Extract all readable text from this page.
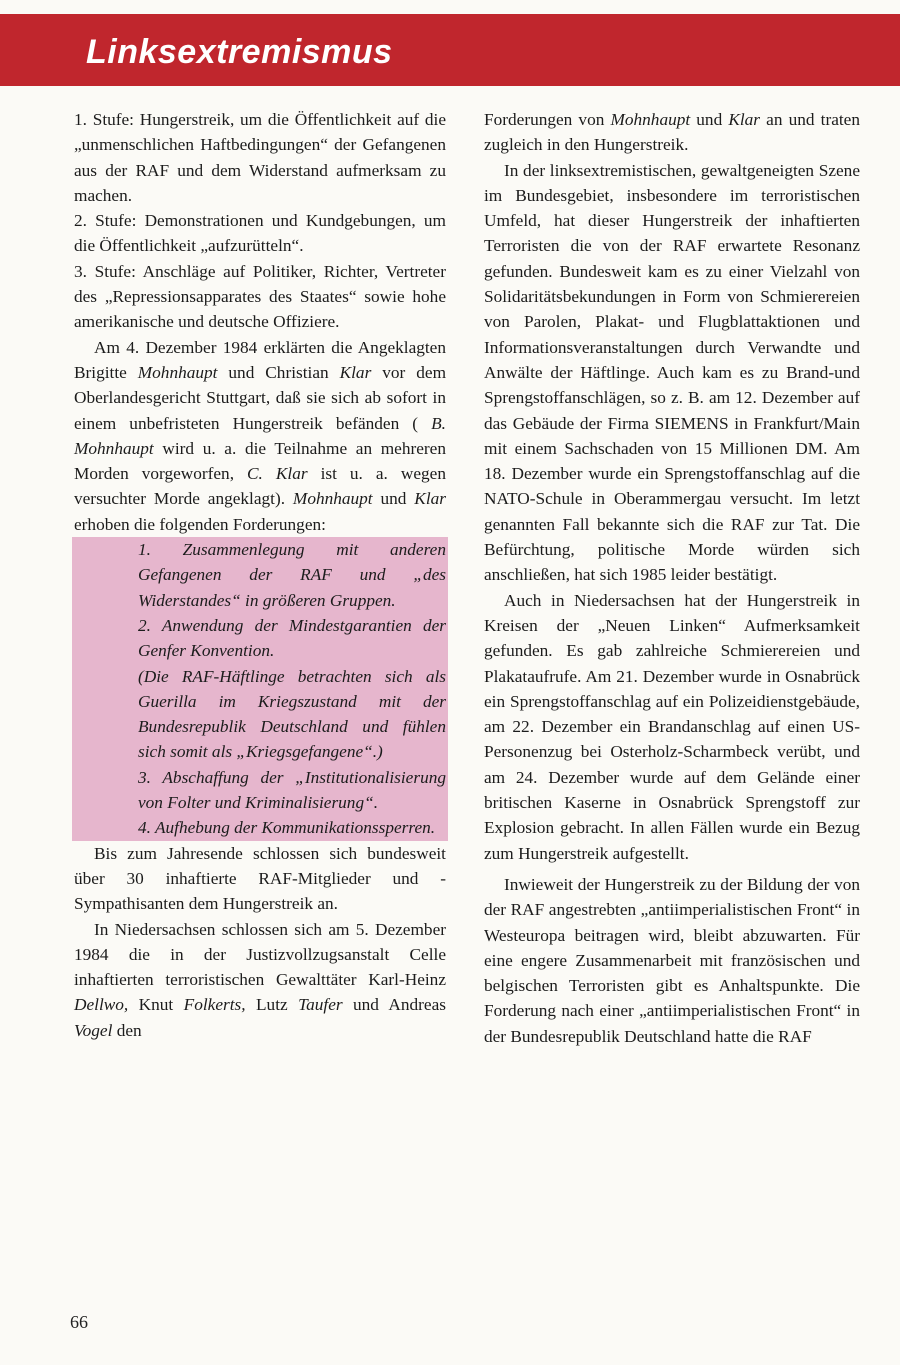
Linksextremismus

1. Stufe: Hungerstreik, um die Öffentlichkeit auf die „unmenschlichen Haftbedingungen“ der Gefangenen aus der RAF und dem Widerstand aufmerksam zu machen.

2. Stufe: Demonstrationen und Kundgebungen, um die Öffentlichkeit „aufzurütteln“.

3. Stufe: Anschläge auf Politiker, Richter, Vertreter des „Repressionsapparates des Staates“ sowie hohe amerikanische und deutsche Offiziere.

Am 4. Dezember 1984 erklärten die Angeklagten Brigitte Mohnhaupt und Christian Klar vor dem Oberlandesgericht Stuttgart, daß sie sich ab sofort in einem unbefristeten Hungerstreik befänden ( B. Mohnhaupt wird u. a. die Teilnahme an mehreren Morden vorgeworfen, C. Klar ist u. a. wegen versuchter Morde angeklagt). Mohnhaupt und Klar erhoben die folgenden Forderungen:

1. Zusammenlegung mit anderen Gefangenen der RAF und „des Widerstandes“ in größeren Gruppen.

2. Anwendung der Mindestgarantien der Genfer Konvention.

(Die RAF-Häftlinge betrachten sich als Guerilla im Kriegszustand mit der Bundesrepublik Deutschland und fühlen sich somit als „Kriegsgefangene“.)

3. Abschaffung der „Institutionalisierung von Folter und Kriminalisierung“.

4. Aufhebung der Kommunikationssperren.

Bis zum Jahresende schlossen sich bundesweit über 30 inhaftierte RAF-Mitglieder und -Sympathisanten dem Hungerstreik an.

In Niedersachsen schlossen sich am 5. Dezember 1984 die in der Justizvollzugsanstalt Celle inhaftierten terroristischen Gewalttäter Karl-Heinz Dellwo, Knut Folkerts, Lutz Taufer und Andreas Vogel den

Forderungen von Mohnhaupt und Klar an und traten zugleich in den Hungerstreik.

In der linksextremistischen, gewaltgeneigten Szene im Bundesgebiet, insbesondere im terroristischen Umfeld, hat dieser Hungerstreik der inhaftierten Terroristen die von der RAF erwartete Resonanz gefunden. Bundesweit kam es zu einer Vielzahl von Solidaritätsbekundungen in Form von Schmierereien von Parolen, Plakat- und Flugblattaktionen und Informationsveranstaltungen durch Verwandte und Anwälte der Häftlinge. Auch kam es zu Brand-und Sprengstoffanschlägen, so z. B. am 12. Dezember auf das Gebäude der Firma SIEMENS in Frankfurt/Main mit einem Sachschaden von 15 Millionen DM. Am 18. Dezember wurde ein Sprengstoffanschlag auf die NATO-Schule in Oberammergau versucht. Im letzt genannten Fall bekannte sich die RAF zur Tat. Die Befürchtung, politische Morde würden sich anschließen, hat sich 1985 leider bestätigt.

Auch in Niedersachsen hat der Hungerstreik in Kreisen der „Neuen Linken“ Aufmerksamkeit gefunden. Es gab zahlreiche Schmierereien und Plakataufrufe. Am 21. Dezember wurde in Osnabrück ein Sprengstoffanschlag auf ein Polizeidienstgebäude, am 22. Dezember ein Brandanschlag auf einen US-Personenzug bei Osterholz-Scharmbeck verübt, und am 24. Dezember wurde auf dem Gelände einer britischen Kaserne in Osnabrück Sprengstoff zur Explosion gebracht. In allen Fällen wurde ein Bezug zum Hungerstreik aufgestellt.

Inwieweit der Hungerstreik zu der Bildung der von der RAF angestrebten „antiimperialistischen Front“ in Westeuropa beitragen wird, bleibt abzuwarten. Für eine engere Zusammenarbeit mit französischen und belgischen Terroristen gibt es Anhaltspunkte. Die Forderung nach einer „antiimperialistischen Front“ in der Bundesrepublik Deutschland hatte die RAF

66
